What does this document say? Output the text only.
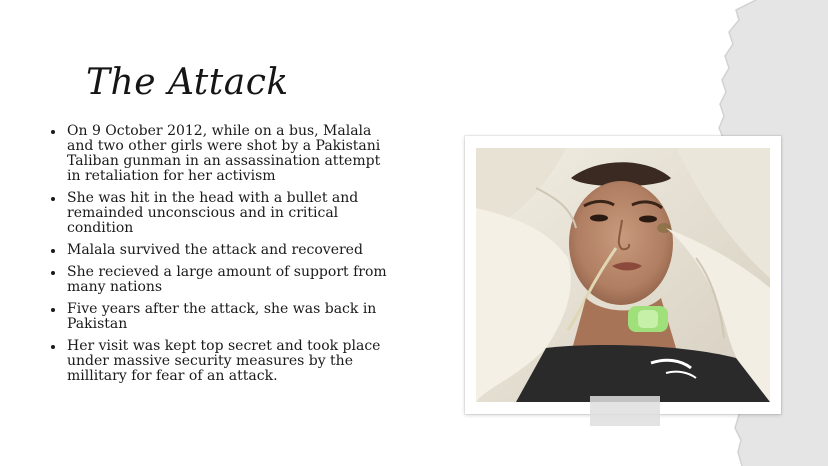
The Attack
On 9 October 2012, while on a bus, Malala and two other girls were shot by a Pakistani Taliban gunman in an assassination attempt in retaliation for her activism
She was hit in the head with a bullet and remainded unconscious and in critical condition
Malala survived the attack and recovered
She recieved a large amount of support from many nations
Five years after the attack, she was back in Pakistan
Her visit was kept top secret and took place under massive security measures by the millitary for fear of an attack.
